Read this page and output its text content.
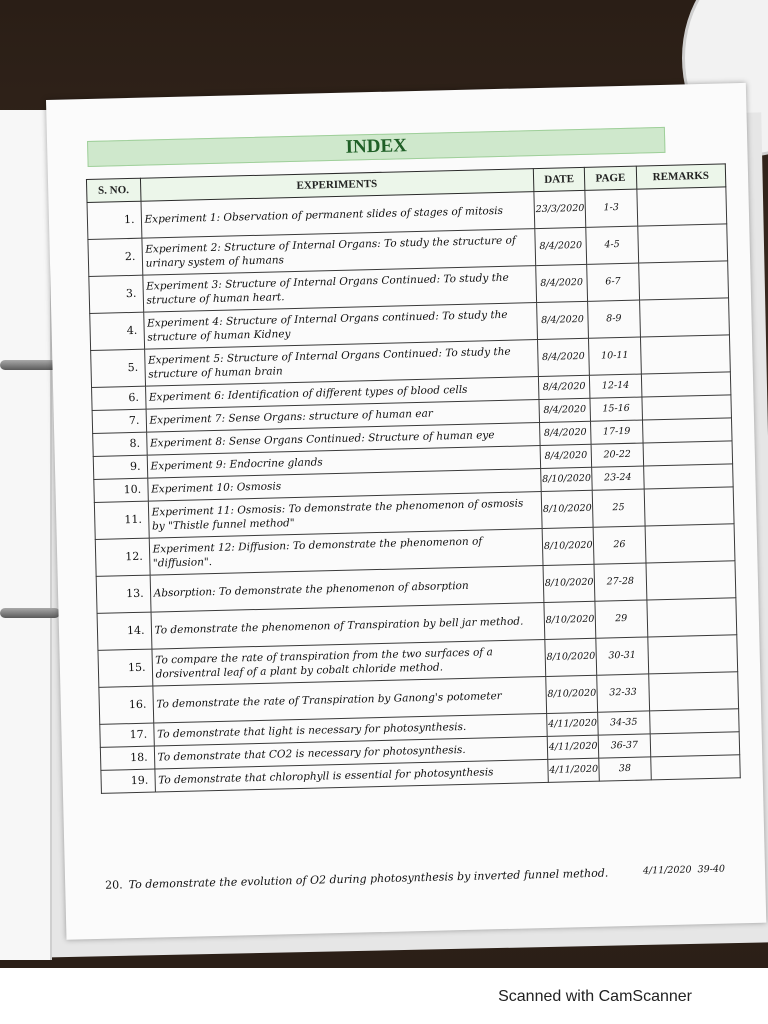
INDEX
S. NO.	EXPERIMENTS	DATE	PAGE	REMARKS
1.	Experiment 1: Observation of permanent slides of stages of mitosis	23/3/2020	1-3	
2.	Experiment 2: Structure of Internal Organs: To study the structure of urinary system of humans	8/4/2020	4-5	
3.	Experiment 3: Structure of Internal Organs Continued: To study the structure of human heart.	8/4/2020	6-7	
4.	Experiment 4: Structure of Internal Organs continued: To study the structure of human Kidney	8/4/2020	8-9	
5.	Experiment 5: Structure of Internal Organs Continued: To study the structure of human brain	8/4/2020	10-11	
6.	Experiment 6: Identification of different types of blood cells	8/4/2020	12-14	
7.	Experiment 7: Sense Organs: structure of human ear	8/4/2020	15-16	
8.	Experiment 8: Sense Organs Continued: Structure of human eye	8/4/2020	17-19	
9.	Experiment 9: Endocrine glands	8/4/2020	20-22	
10.	Experiment 10: Osmosis	8/10/2020	23-24	
11.	Experiment 11: Osmosis: To demonstrate the phenomenon of osmosis by "Thistle funnel method"	8/10/2020	25	
12.	Experiment 12: Diffusion: To demonstrate the phenomenon of "diffusion".	8/10/2020	26	
13.	Absorption: To demonstrate the phenomenon of absorption	8/10/2020	27-28	
14.	To demonstrate the phenomenon of Transpiration by bell jar method.	8/10/2020	29	
15.	To compare the rate of transpiration from the two surfaces of a dorsiventral leaf of a plant by cobalt chloride method.	8/10/2020	30-31	
16.	To demonstrate the rate of Transpiration by Ganong's potometer	8/10/2020	32-33	
17.	To demonstrate that light is necessary for photosynthesis.	4/11/2020	34-35	
18.	To demonstrate that CO2 is necessary for photosynthesis.	4/11/2020	36-37	
19.	To demonstrate that chlorophyll is essential for photosynthesis	4/11/2020	38	
20. To demonstrate the evolution of O2 during photosynthesis by inverted funnel method.	4/11/2020 39-40
Scanned with CamScanner
